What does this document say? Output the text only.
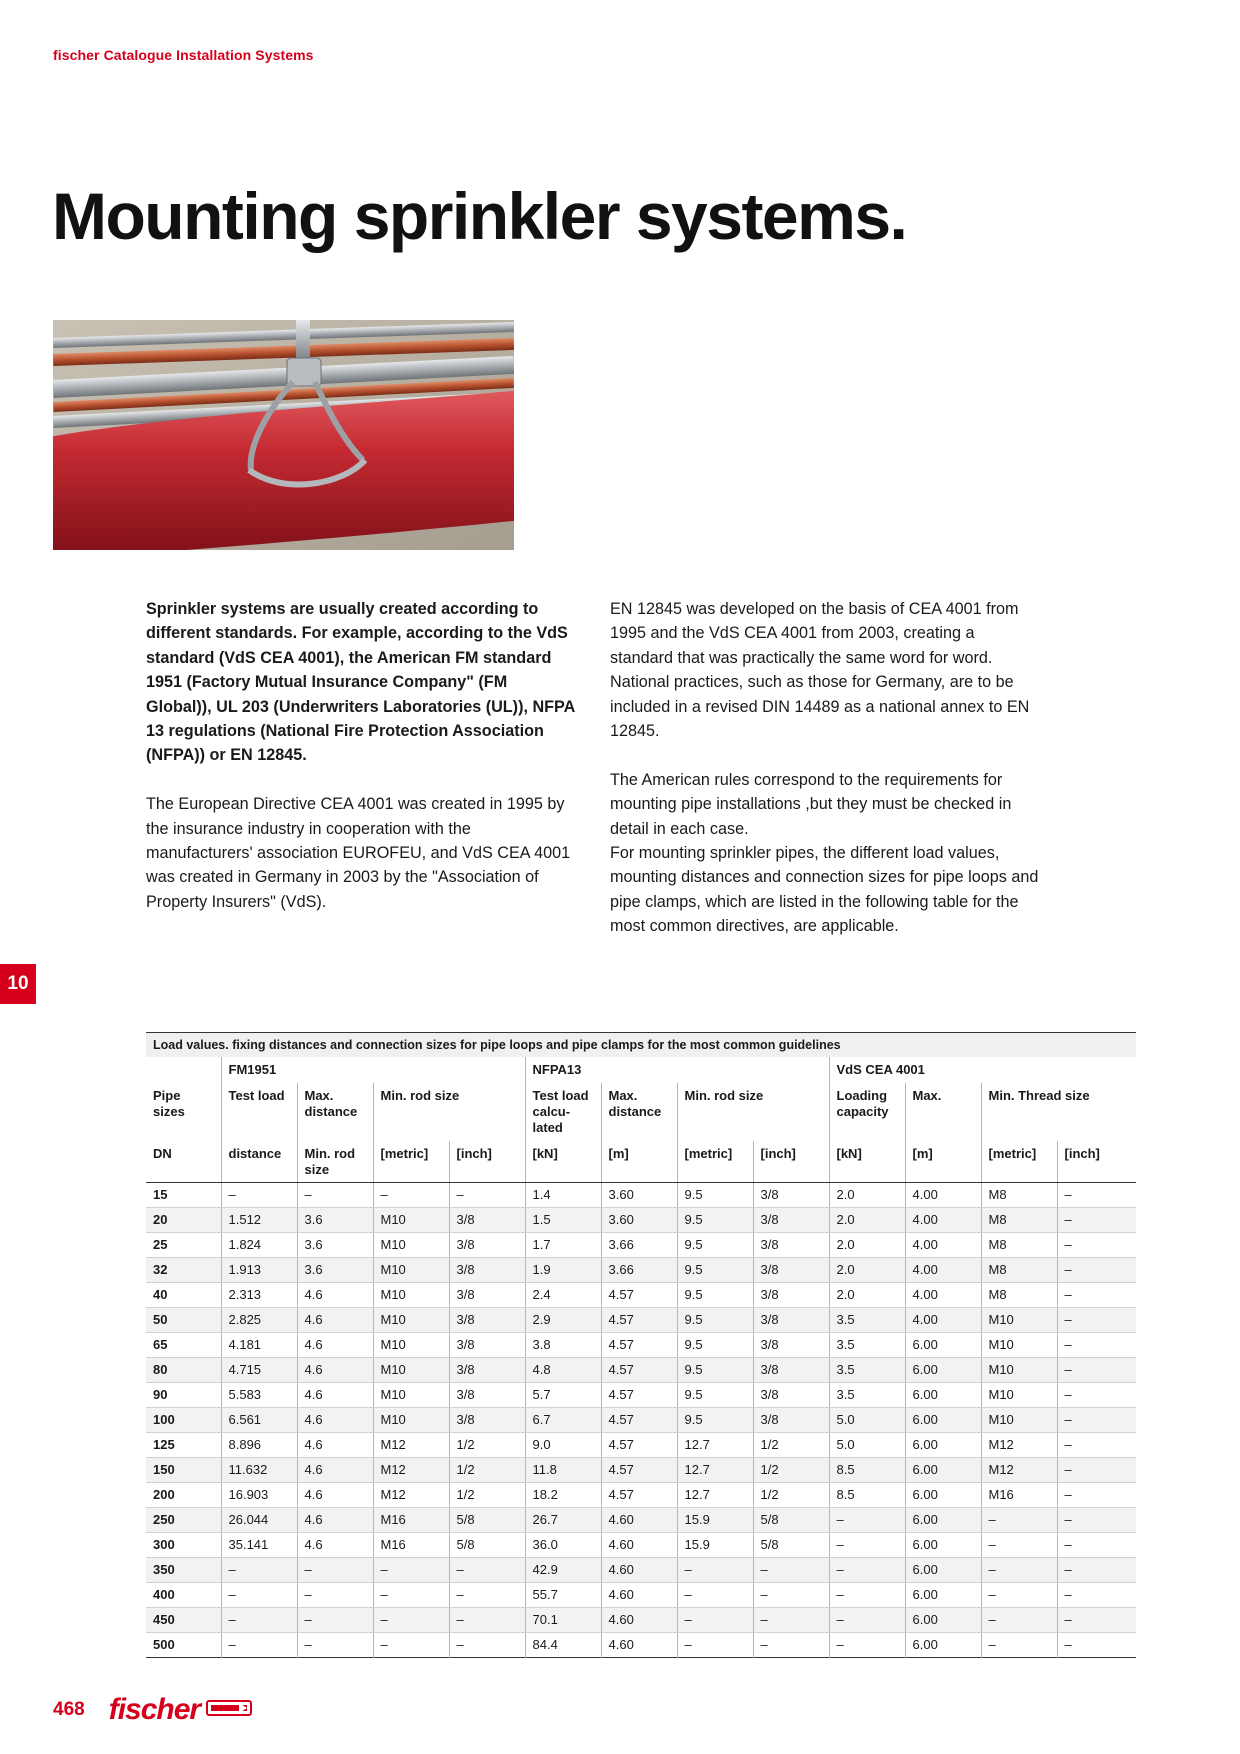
fischer Catalogue Installation Systems
Mounting sprinkler systems.

Sprinkler systems are usually created according to different standards. For example, according to the VdS standard (VdS CEA 4001), the American FM standard 1951 (Factory Mutual Insurance Company" (FM Global)), UL 203 (Underwriters Laboratories (UL)), NFPA 13 regulations (National Fire Protection Association (NFPA)) or EN 12845.

The European Directive CEA 4001 was created in 1995 by the insurance industry in cooperation with the manufacturers' association EUROFEU, and VdS CEA 4001 was created in Germany in 2003 by the "Association of Property Insurers" (VdS).

EN 12845 was developed on the basis of CEA 4001 from 1995 and the VdS CEA 4001 from 2003, creating a standard that was practically the same word for word. National practices, such as those for Germany, are to be included in a revised DIN 14489 as a national annex to EN 12845.

The American rules correspond to the requirements for mounting pipe installations ,but they must be checked in detail in each case.

For mounting sprinkler pipes, the different load values, mounting distances and connection sizes for pipe loops and pipe clamps, which are listed in the following table for the most common directives, are applicable.

10
Load values. fixing distances and connection sizes for pipe loops and pipe clamps for the most common guidelines												
	FM1951				NFPA13				VdS CEA 4001			
Pipe sizes	Test load	Max. distance	Min. rod size		Test load calcu- lated	Max. distance	Min. rod size		Loading capacity	Max.	Min. Thread size	
DN	distance	Min. rod size	[metric]	[inch]	[kN]	[m]	[metric]	[inch]	[kN]	[m]	[metric]	[inch]
15	–	–	–	–	1.4	3.60	9.5	3/8	2.0	4.00	M8	–
20	1.512	3.6	M10	3/8	1.5	3.60	9.5	3/8	2.0	4.00	M8	–
25	1.824	3.6	M10	3/8	1.7	3.66	9.5	3/8	2.0	4.00	M8	–
32	1.913	3.6	M10	3/8	1.9	3.66	9.5	3/8	2.0	4.00	M8	–
40	2.313	4.6	M10	3/8	2.4	4.57	9.5	3/8	2.0	4.00	M8	–
50	2.825	4.6	M10	3/8	2.9	4.57	9.5	3/8	3.5	4.00	M10	–
65	4.181	4.6	M10	3/8	3.8	4.57	9.5	3/8	3.5	6.00	M10	–
80	4.715	4.6	M10	3/8	4.8	4.57	9.5	3/8	3.5	6.00	M10	–
90	5.583	4.6	M10	3/8	5.7	4.57	9.5	3/8	3.5	6.00	M10	–
100	6.561	4.6	M10	3/8	6.7	4.57	9.5	3/8	5.0	6.00	M10	–
125	8.896	4.6	M12	1/2	9.0	4.57	12.7	1/2	5.0	6.00	M12	–
150	11.632	4.6	M12	1/2	11.8	4.57	12.7	1/2	8.5	6.00	M12	–
200	16.903	4.6	M12	1/2	18.2	4.57	12.7	1/2	8.5	6.00	M16	–
250	26.044	4.6	M16	5/8	26.7	4.60	15.9	5/8	–	6.00	–	–
300	35.141	4.6	M16	5/8	36.0	4.60	15.9	5/8	–	6.00	–	–
350	–	–	–	–	42.9	4.60	–	–	–	6.00	–	–
400	–	–	–	–	55.7	4.60	–	–	–	6.00	–	–
450	–	–	–	–	70.1	4.60	–	–	–	6.00	–	–
500	–	–	–	–	84.4	4.60	–	–	–	6.00	–	–
468 fischer
